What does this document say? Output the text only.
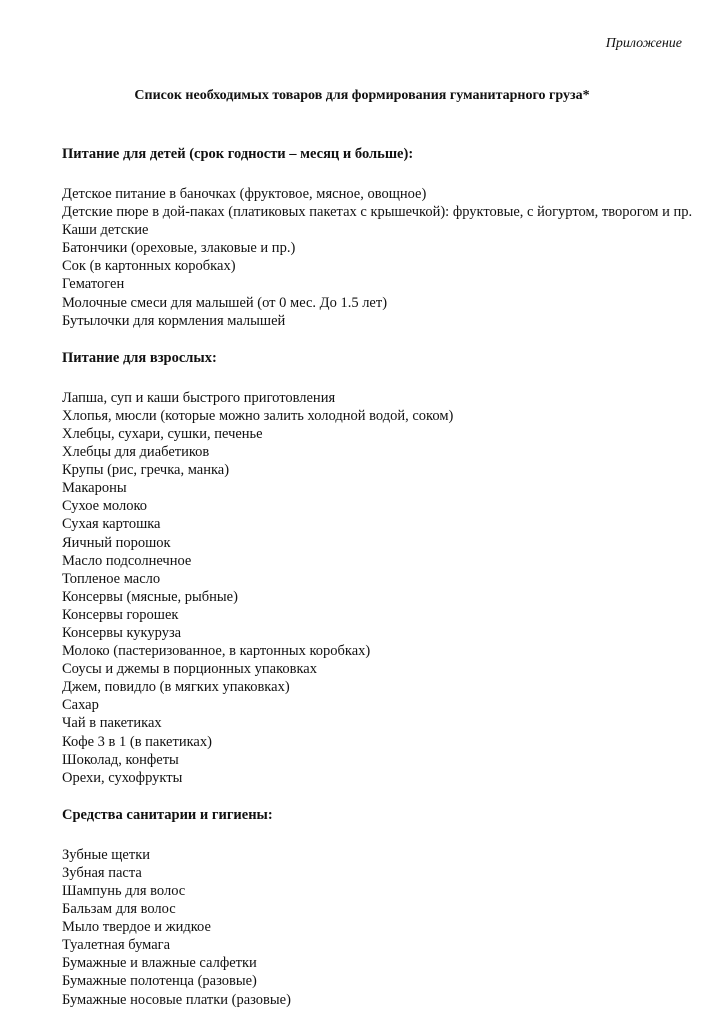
Приложение
Список необходимых товаров для формирования гуманитарного груза*
Питание для детей (срок годности – месяц и больше):
Детское питание в баночках (фруктовое, мясное, овощное)
Детские пюре в дой-паках (платиковых пакетах с крышечкой): фруктовые, с йогуртом, творогом и пр.
Каши детские
Батончики (ореховые, злаковые и пр.)
Сок (в картонных коробках)
Гематоген
Молочные смеси для малышей (от 0 мес. До 1.5 лет)
Бутылочки для кормления малышей
Питание для взрослых:
Лапша, суп и каши быстрого приготовления
Хлопья, мюсли (которые можно залить холодной водой, соком)
Хлебцы, сухари, сушки, печенье
Хлебцы для диабетиков
Крупы (рис, гречка, манка)
Макароны
Сухое молоко
Сухая картошка
Яичный порошок
Масло подсолнечное
Топленое масло
Консервы (мясные, рыбные)
Консервы горошек
Консервы кукуруза
Молоко (пастеризованное, в картонных коробках)
Соусы и джемы в порционных упаковках
Джем, повидло (в мягких упаковках)
Сахар
Чай в пакетиках
Кофе 3 в 1 (в пакетиках)
Шоколад, конфеты
Орехи, сухофрукты
Средства санитарии и гигиены:
Зубные щетки
Зубная паста
Шампунь для волос
Бальзам для волос
Мыло твердое и жидкое
Туалетная бумага
Бумажные и влажные салфетки
Бумажные полотенца (разовые)
Бумажные носовые платки (разовые)
